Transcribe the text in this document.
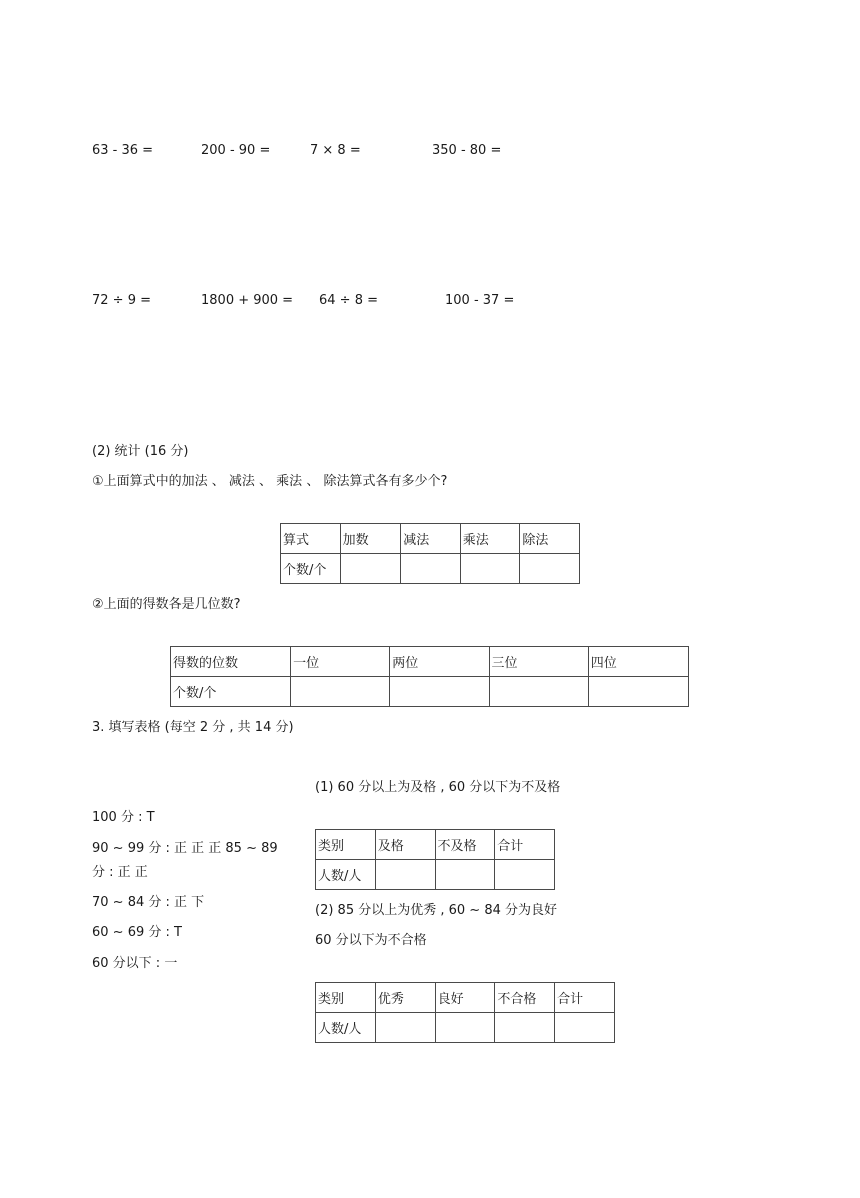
63 - 36 =	200 - 90 =	7 × 8 =	350 - 80 =
72 ÷ 9 =	1800 + 900 = 64 ÷ 8 =	100 - 37 =
(2) 统计 (16 分)
①上面算式中的加法 、 减法 、 乘法 、 除法算式各有多少个?
算式	加数	减法	乘法	除法
个数/个				
②上面的得数各是几位数?
得数的位数	一位	两位	三位	四位
个数/个				
3. 填写表格 (每空 2 分 , 共 14 分)
(1) 60 分以上为及格 , 60 分以下为不及格
100 分 : T
90 ~ 99 分 : 正 正 正 85 ~ 89
分 : 正 正
70 ~ 84 分 : 正 下
60 ~ 69 分 : T
60 分以下 : 一
类别	及格	不及格	合计
人数/人			
(2) 85 分以上为优秀 , 60 ~ 84 分为良好
60 分以下为不合格
类别	优秀	良好	不合格	合计
人数/人				
